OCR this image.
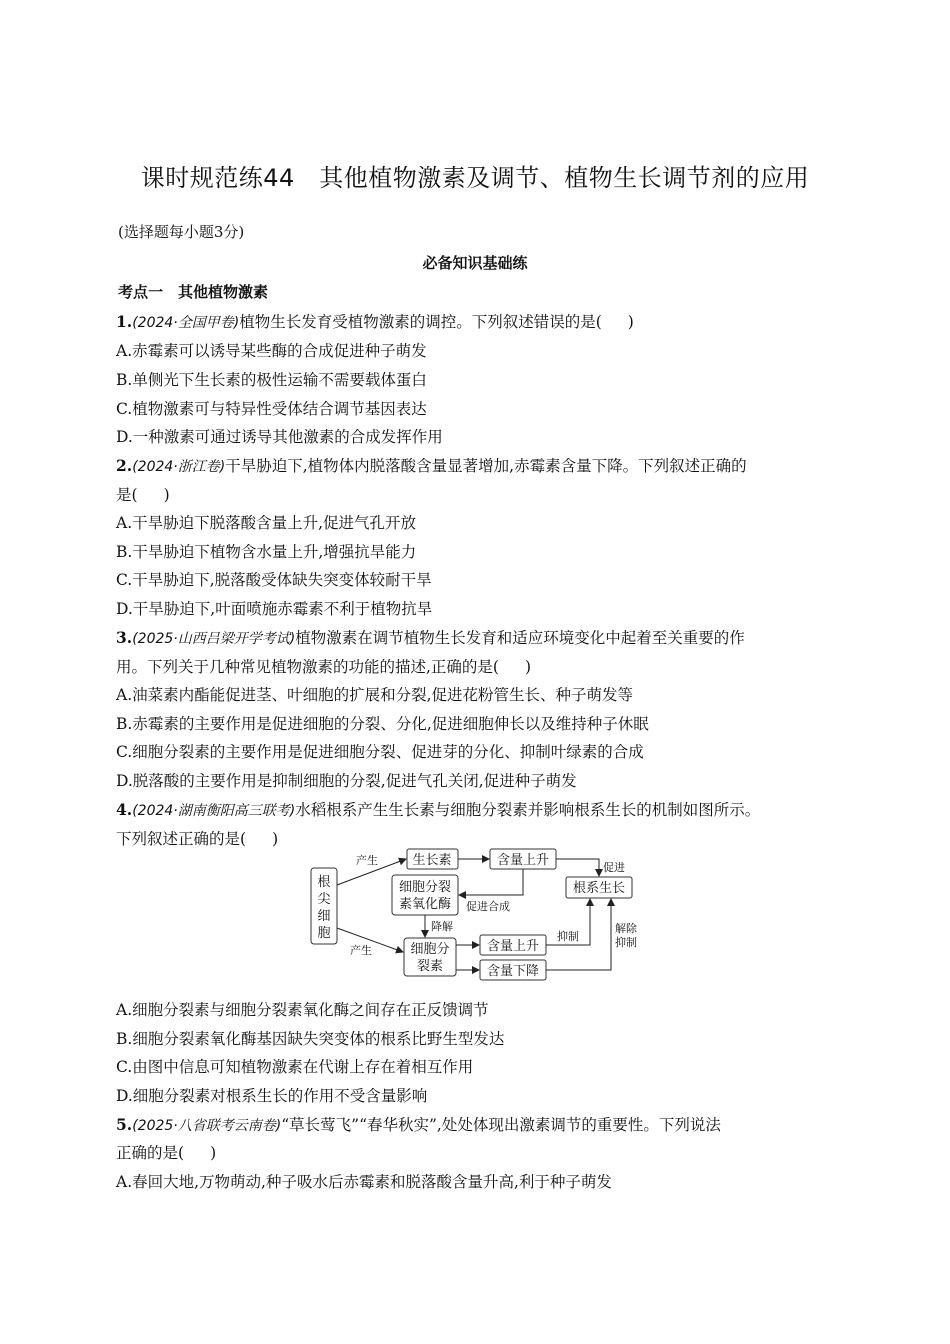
课时规范练44　其他植物激素及调节、植物生长调节剂的应用
(选择题每小题3分)
必备知识基础练
考点一　其他植物激素
1.(2024·全国甲卷)植物生长发育受植物激素的调控。下列叙述错误的是( )
A.赤霉素可以诱导某些酶的合成促进种子萌发
B.单侧光下生长素的极性运输不需要载体蛋白
C.植物激素可与特异性受体结合调节基因表达
D.一种激素可通过诱导其他激素的合成发挥作用
2.(2024·浙江卷)干旱胁迫下,植物体内脱落酸含量显著增加,赤霉素含量下降。下列叙述正确的
是( )
A.干旱胁迫下脱落酸含量上升,促进气孔开放
B.干旱胁迫下植物含水量上升,增强抗旱能力
C.干旱胁迫下,脱落酸受体缺失突变体较耐干旱
D.干旱胁迫下,叶面喷施赤霉素不利于植物抗旱
3.(2025·山西吕梁开学考试)植物激素在调节植物生长发育和适应环境变化中起着至关重要的作
用。下列关于几种常见植物激素的功能的描述,正确的是( )
A.油菜素内酯能促进茎、叶细胞的扩展和分裂,促进花粉管生长、种子萌发等
B.赤霉素的主要作用是促进细胞的分裂、分化,促进细胞伸长以及维持种子休眠
C.细胞分裂素的主要作用是促进细胞分裂、促进芽的分化、抑制叶绿素的合成
D.脱落酸的主要作用是抑制细胞的分裂,促进气孔关闭,促进种子萌发
4.(2024·湖南衡阳高三联考)水稻根系产生生长素与细胞分裂素并影响根系生长的机制如图所示。
下列叙述正确的是( )
根
尖
细
胞
产生
产生
生长素	含量上升	促进
根系生长
细胞分裂
素氧化酶 促进合成
降解
细胞分
裂素
含量上升
含量下降
抑制
解除
抑制
A.细胞分裂素与细胞分裂素氧化酶之间存在正反馈调节
B.细胞分裂素氧化酶基因缺失突变体的根系比野生型发达
C.由图中信息可知植物激素在代谢上存在着相互作用
D.细胞分裂素对根系生长的作用不受含量影响
5.(2025·八省联考云南卷)“草长莺飞”“春华秋实”,处处体现出激素调节的重要性。下列说法
正确的是( )
A.春回大地,万物萌动,种子吸水后赤霉素和脱落酸含量升高,利于种子萌发
